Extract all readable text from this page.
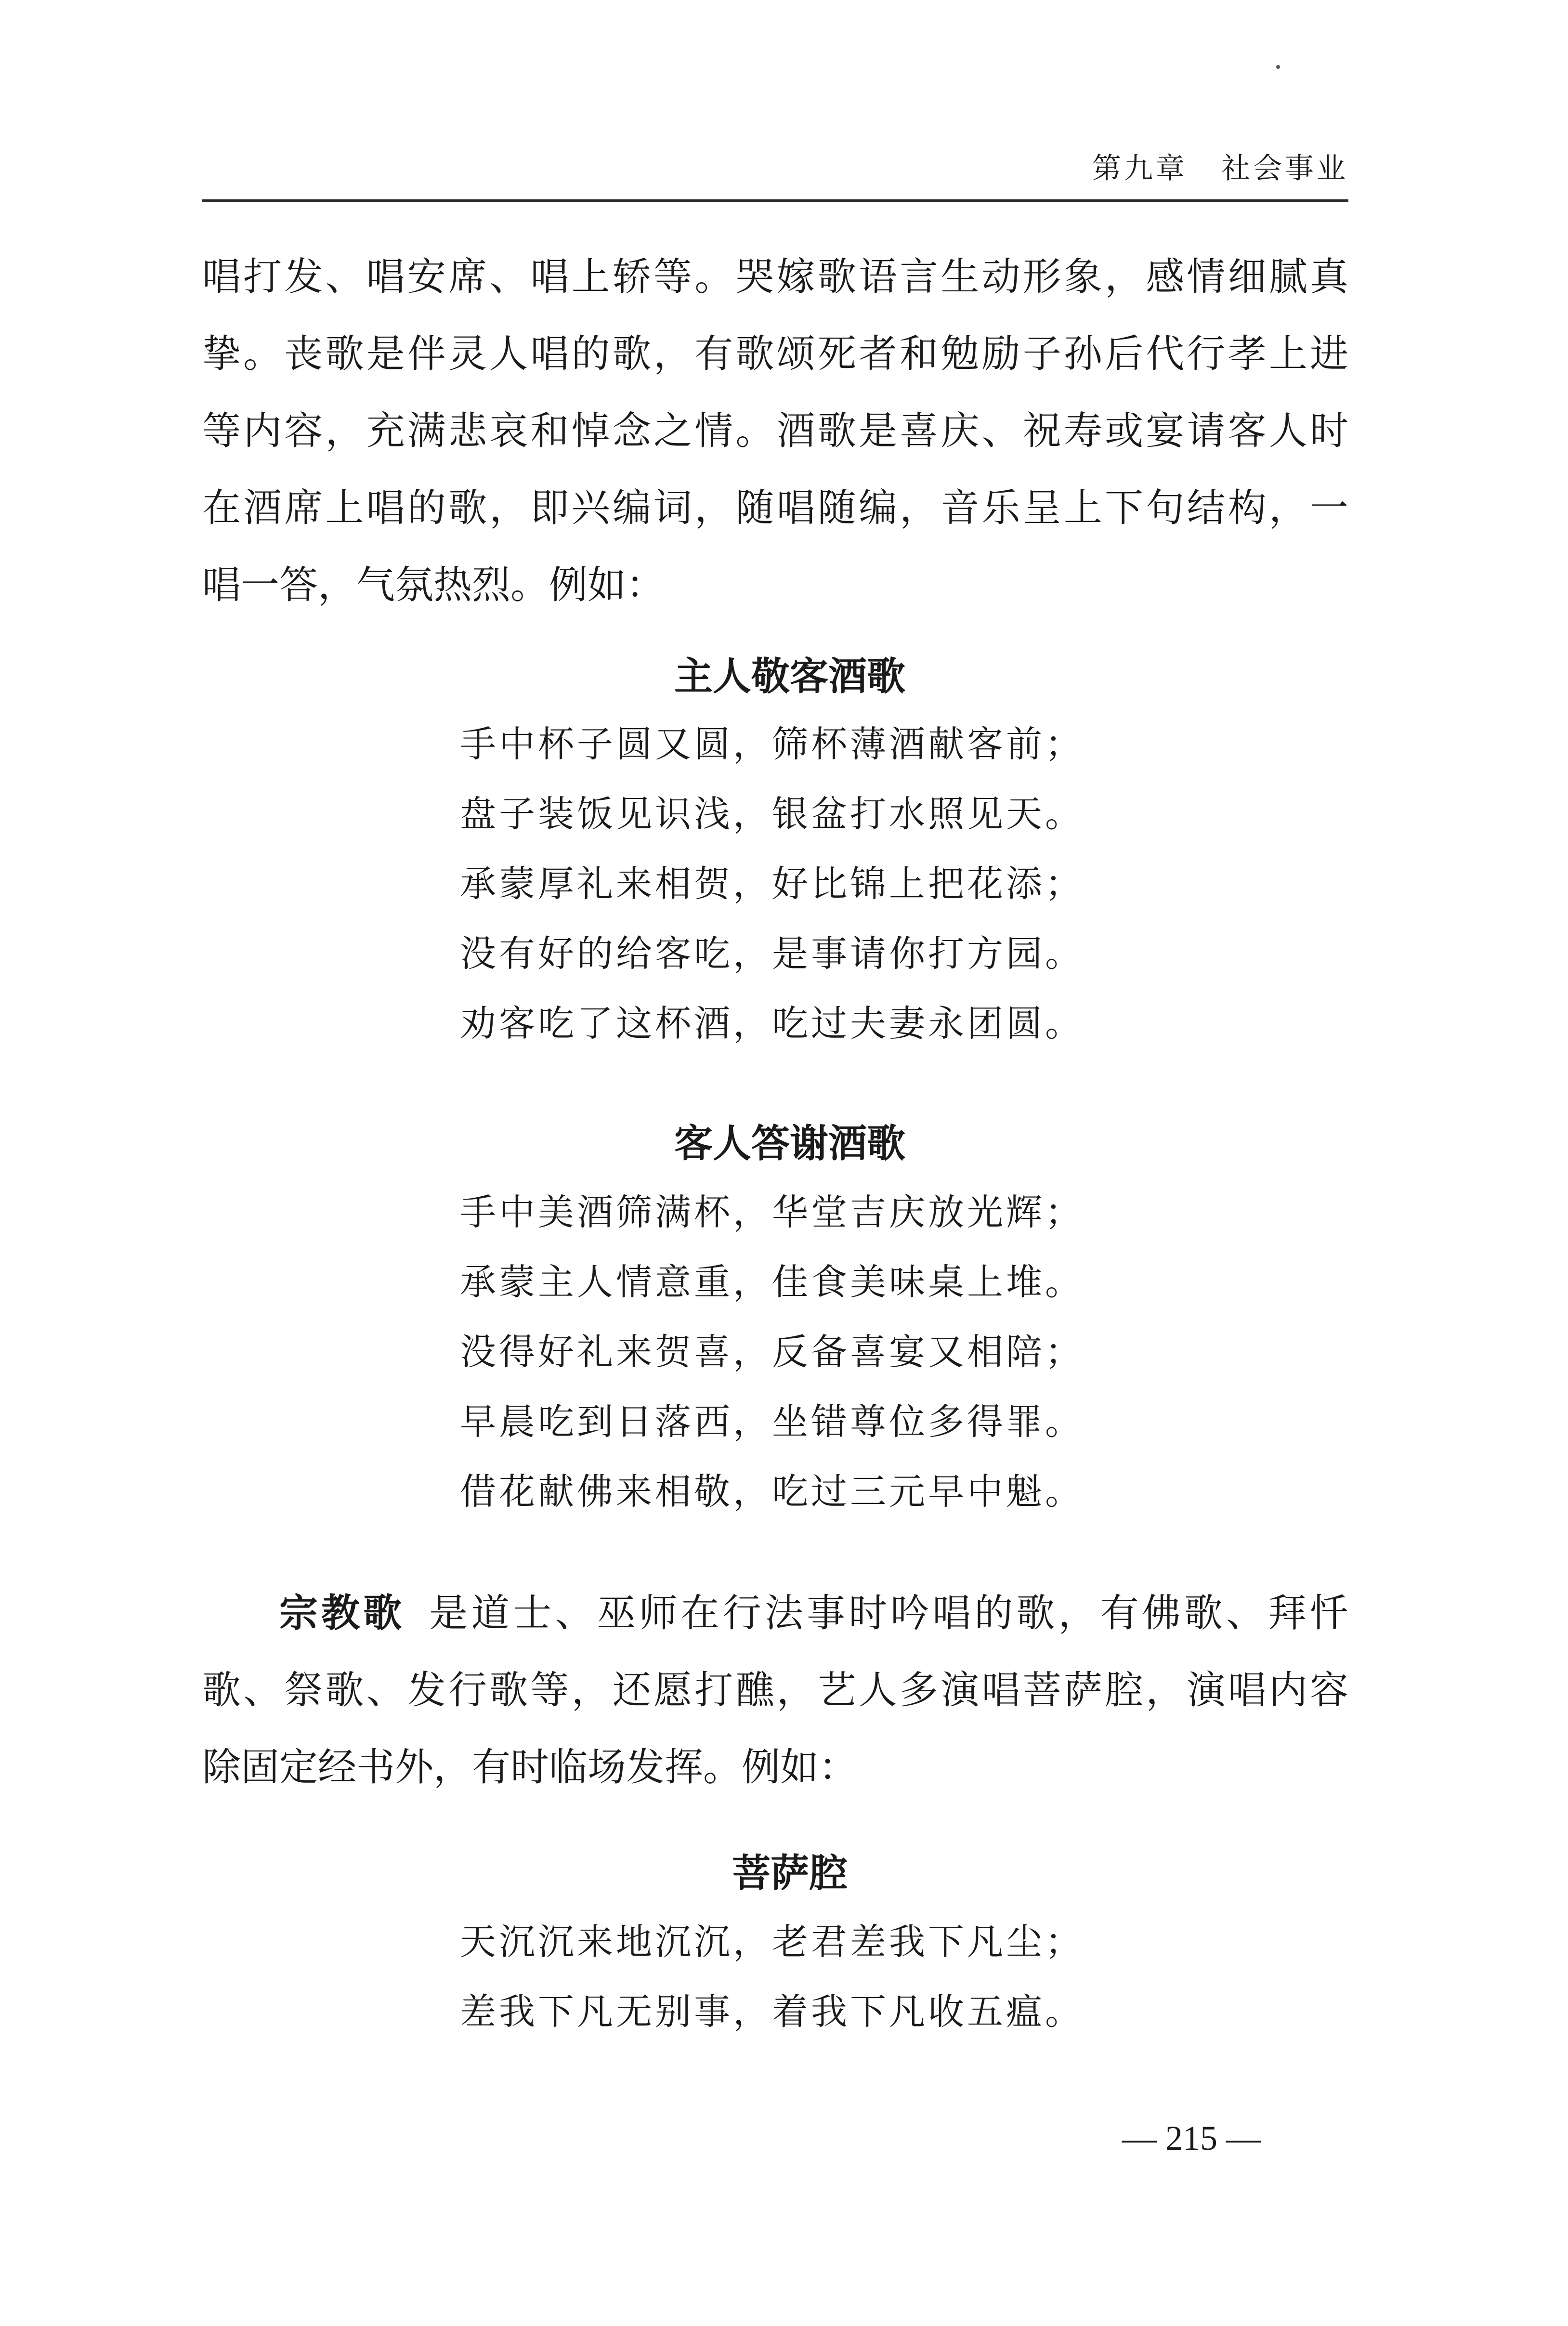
第九章 社会事业
唱打发、唱安席、唱上轿等。哭嫁歌语言生动形象，感情细腻真
挚。丧歌是伴灵人唱的歌，有歌颂死者和勉励子孙后代行孝上进
等内容，充满悲哀和悼念之情。酒歌是喜庆、祝寿或宴请客人时
在酒席上唱的歌，即兴编词，随唱随编，音乐呈上下句结构，一
唱一答，气氛热烈。例如：
主人敬客酒歌
手中杯子圆又圆，筛杯薄酒献客前；
盘子装饭见识浅，银盆打水照见天。
承蒙厚礼来相贺，好比锦上把花添；
没有好的给客吃，是事请你打方园。
劝客吃了这杯酒，吃过夫妻永团圆。
客人答谢酒歌
手中美酒筛满杯，华堂吉庆放光辉；
承蒙主人情意重，佳食美味桌上堆。
没得好礼来贺喜，反备喜宴又相陪；
早晨吃到日落西，坐错尊位多得罪。
借花献佛来相敬，吃过三元早中魁。
宗教歌 是道士、巫师在行法事时吟唱的歌，有佛歌、拜忏
歌、祭歌、发行歌等，还愿打醮，艺人多演唱菩萨腔，演唱内容
除固定经书外，有时临场发挥。例如：
菩萨腔
天沉沉来地沉沉，老君差我下凡尘；
差我下凡无别事，着我下凡收五瘟。
— 215 —
